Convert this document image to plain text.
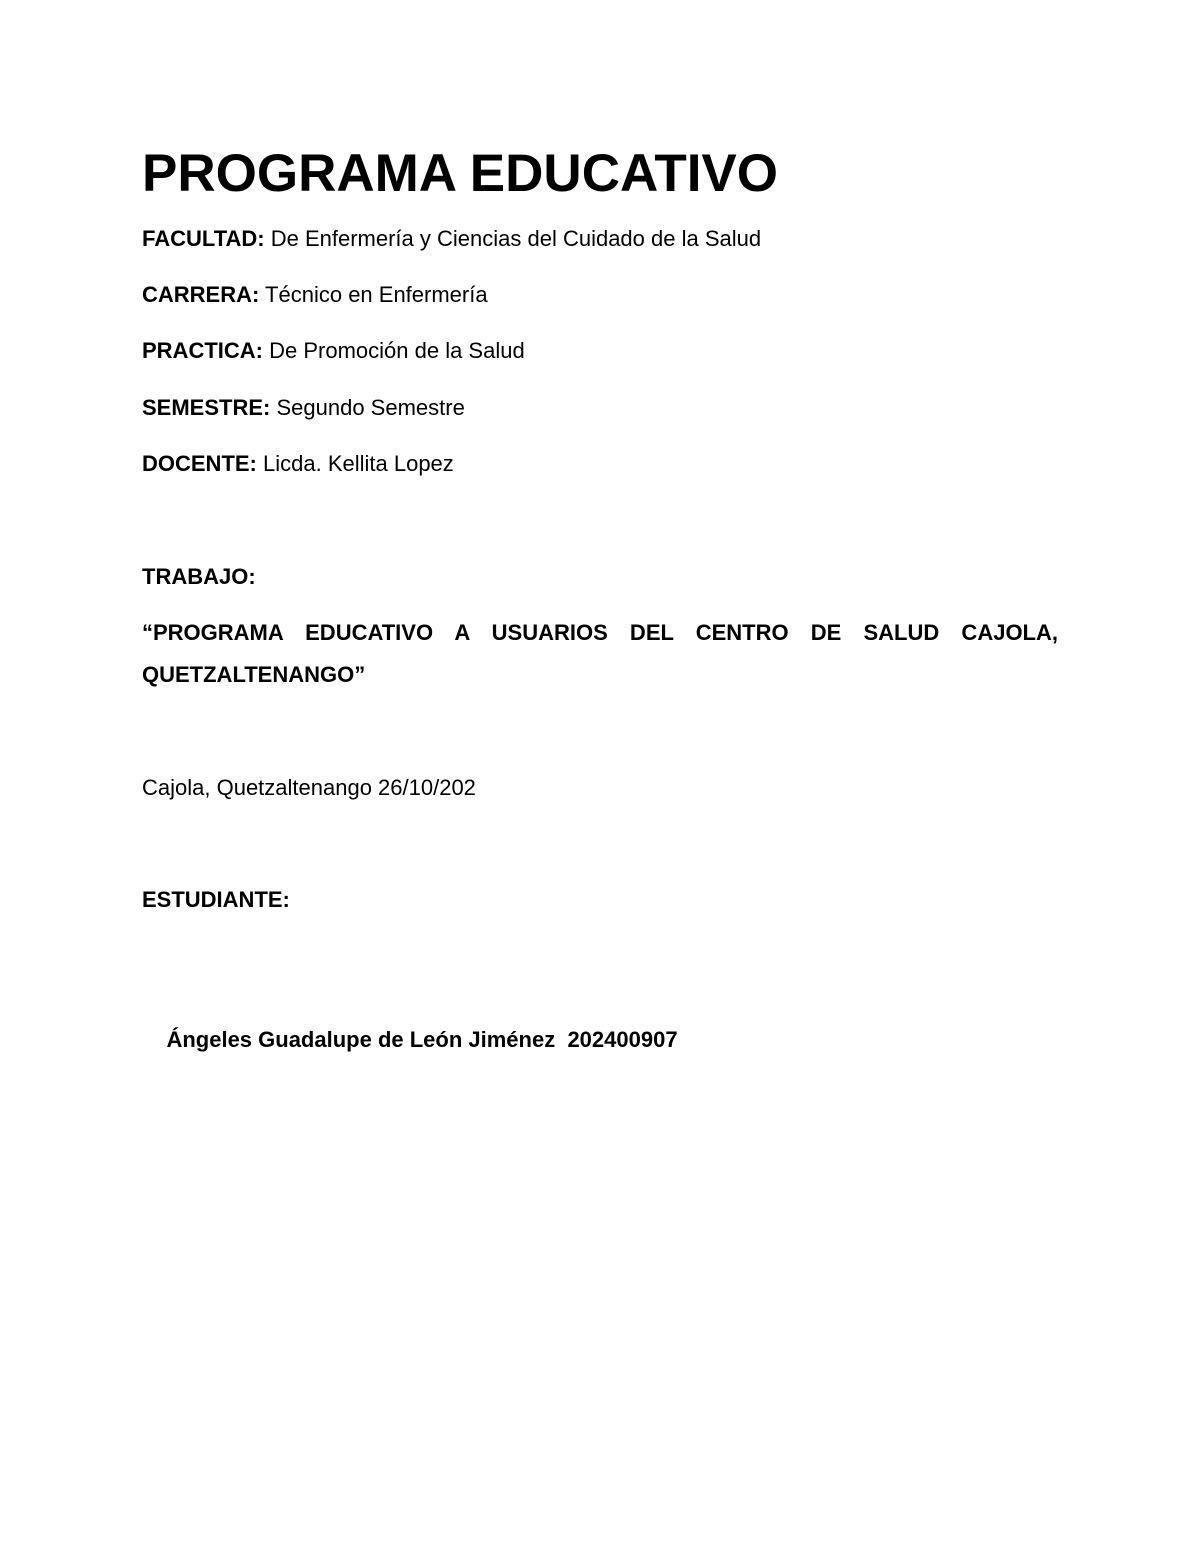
PROGRAMA EDUCATIVO
FACULTAD: De Enfermería y Ciencias del Cuidado de la Salud
CARRERA: Técnico en Enfermería
PRACTICA: De Promoción de la Salud
SEMESTRE: Segundo Semestre
DOCENTE: Licda. Kellita Lopez
TRABAJO:
“PROGRAMA EDUCATIVO A USUARIOS DEL CENTRO DE SALUD CAJOLA,
QUETZALTENANGO”
Cajola, Quetzaltenango 26/10/202
ESTUDIANTE:

Ángeles Guadalupe de León Jiménez  202400907
